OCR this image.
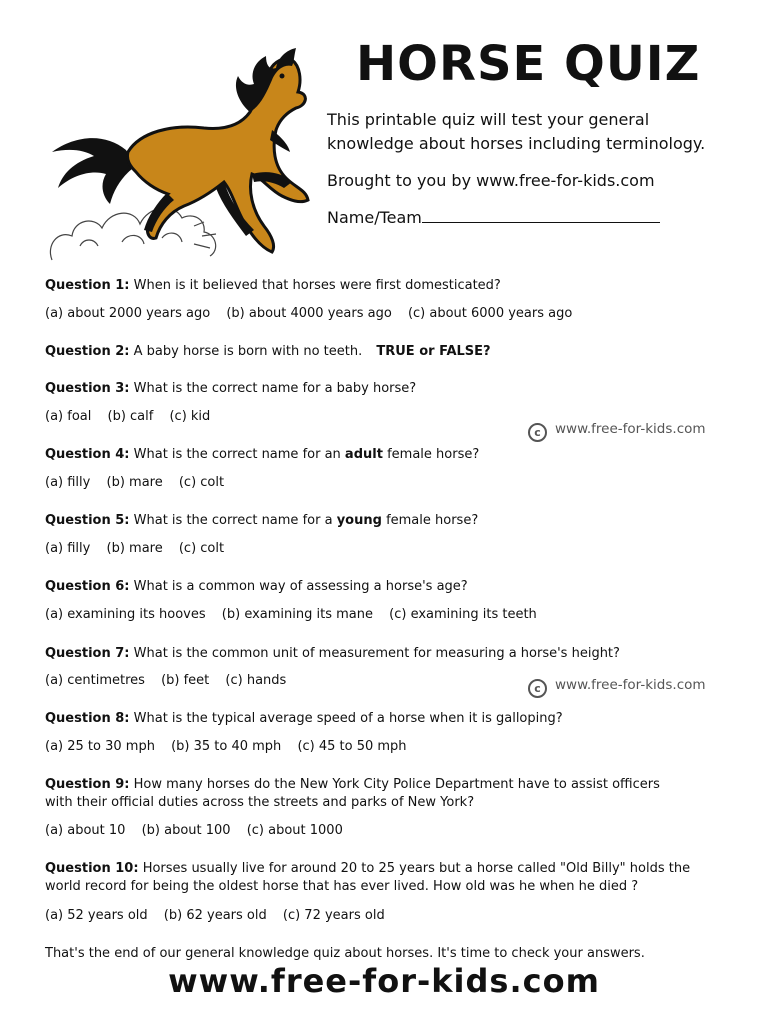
HORSE QUIZ
This printable quiz will test your general
knowledge about horses including terminology.
Brought to you by www.free-for-kids.com
Name/Team
Question 1: When is it believed that horses were first domesticated?
(a) about 2000 years ago (b) about 4000 years ago (c) about 6000 years ago
Question 2: A baby horse is born with no teeth. TRUE or FALSE?
Question 3: What is the correct name for a baby horse?
(a) foal (b) calf (c) kid
c www.free-for-kids.com
Question 4: What is the correct name for an adult female horse?
(a) filly (b) mare (c) colt
Question 5: What is the correct name for a young female horse?
(a) filly (b) mare (c) colt
Question 6: What is a common way of assessing a horse's age?
(a) examining its hooves (b) examining its mane (c) examining its teeth
Question 7: What is the common unit of measurement for measuring a horse's height?
(a) centimetres (b) feet (c) hands
c www.free-for-kids.com
Question 8: What is the typical average speed of a horse when it is galloping?
(a) 25 to 30 mph (b) 35 to 40 mph (c) 45 to 50 mph
Question 9: How many horses do the New York City Police Department have to assist officers
with their official duties across the streets and parks of New York?
(a) about 10 (b) about 100 (c) about 1000
Question 10: Horses usually live for around 20 to 25 years but a horse called "Old Billy" holds the
world record for being the oldest horse that has ever lived. How old was he when he died ?
(a) 52 years old (b) 62 years old (c) 72 years old
That's the end of our general knowledge quiz about horses. It's time to check your answers.
www.free-for-kids.com
